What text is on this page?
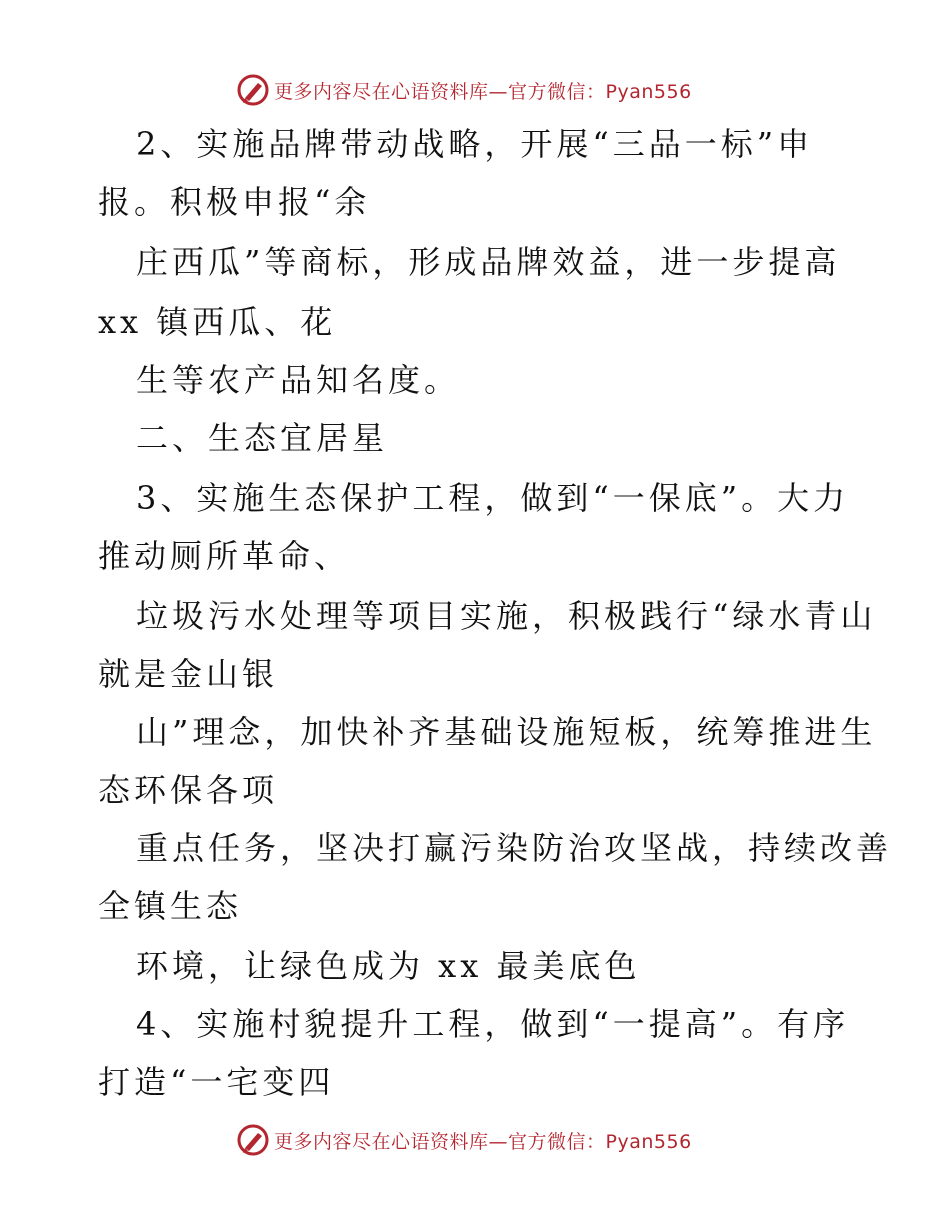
更多内容尽在心语资料库—官方微信：Pyan556
2、实施品牌带动战略，开展“三品一标”申
报。积极申报“余
庄西瓜”等商标，形成品牌效益，进一步提高
xx 镇西瓜、花
生等农产品知名度。
二、生态宜居星
3、实施生态保护工程，做到“一保底”。大力
推动厕所革命、
垃圾污水处理等项目实施，积极践行“绿水青山
就是金山银
山”理念，加快补齐基础设施短板，统筹推进生
态环保各项
重点任务，坚决打赢污染防治攻坚战，持续改善
全镇生态
环境，让绿色成为 xx 最美底色
4、实施村貌提升工程，做到“一提高”。有序
打造“一宅变四
更多内容尽在心语资料库—官方微信：Pyan556
